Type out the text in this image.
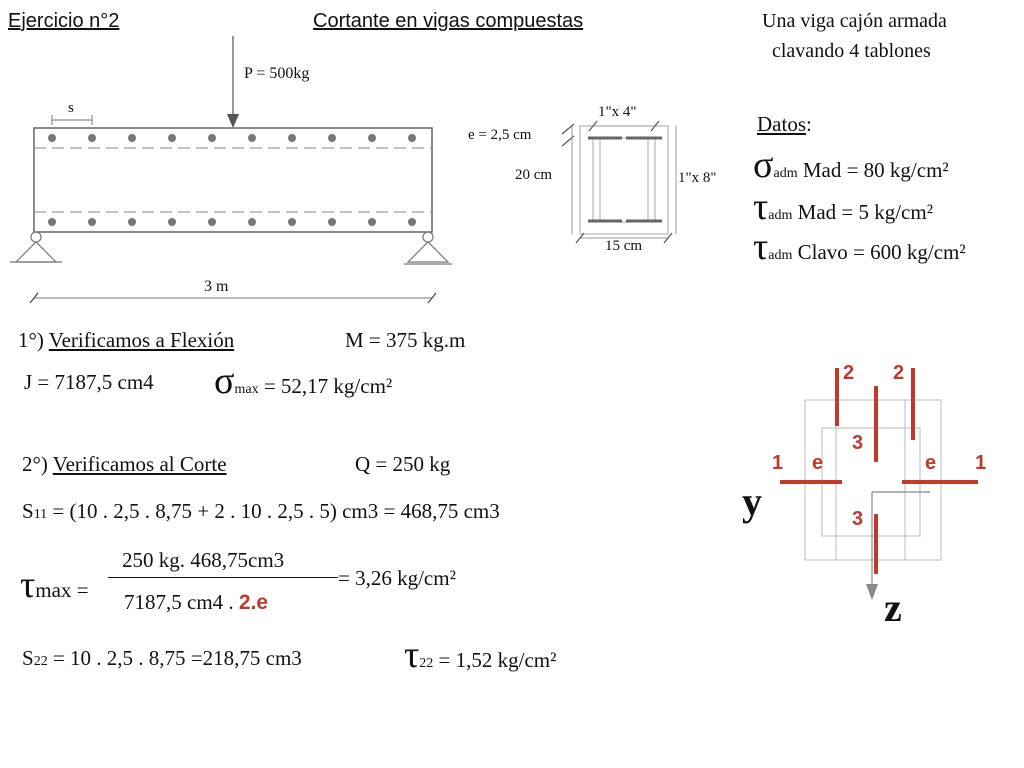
Ejercicio n°2	Cortante en vigas compuestas	Una viga cajón armada
clavando 4 tablones
P = 500kg
s
3 m
e = 2,5 cm
1"x 4"
1"x 8"
20 cm
15 cm
Datos:
σadm Mad = 80 kg/cm²
τadm Mad = 5 kg/cm²
τadm Clavo = 600 kg/cm²
1°) Verificamos a Flexión	M = 375 kg.m
J = 7187,5 cm4 σmax = 52,17 kg/cm²
2°) Verificamos al Corte	Q = 250 kg
S11 = (10 . 2,5 . 8,75 + 2 . 10 . 2,5 . 5) cm3 = 468,75 cm3
τmax =
250 kg. 468,75cm3
7187,5 cm4 . 2.e
= 3,26 kg/cm²
S22 = 10 . 2,5 . 8,75 =218,75 cm3	τ22 = 1,52 kg/cm²
2 2
3
3
1 e	e 1
y
z
